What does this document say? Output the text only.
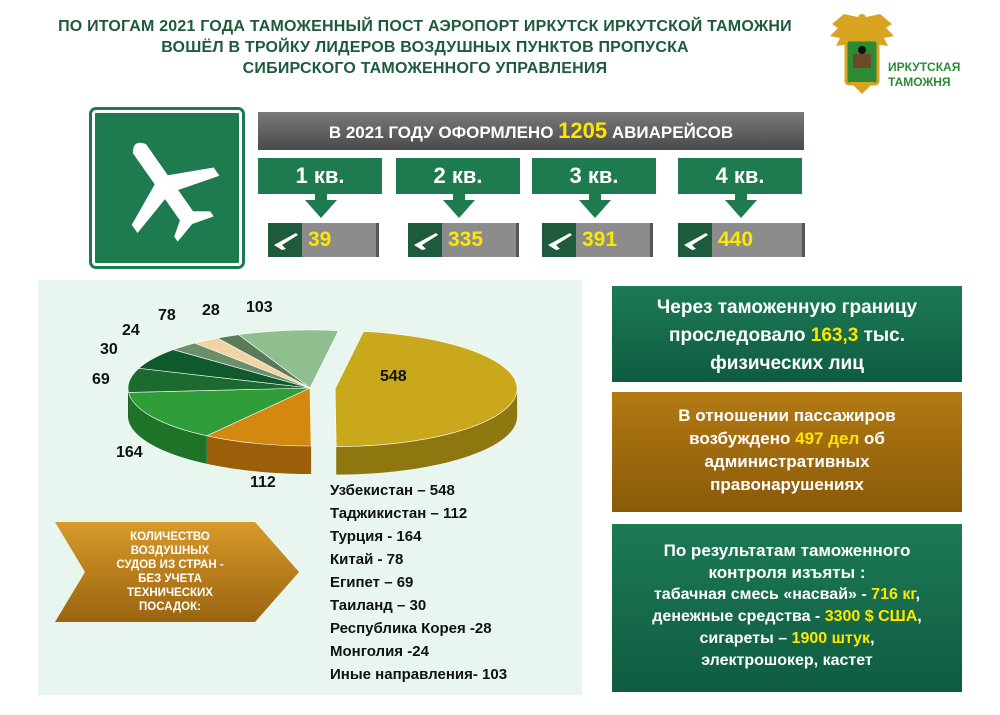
ПО ИТОГАМ 2021 ГОДА ТАМОЖЕННЫЙ ПОСТ АЭРОПОРТ ИРКУТСК ИРКУТСКОЙ ТАМОЖНИ
ВОШЁЛ В ТРОЙКУ ЛИДЕРОВ ВОЗДУШНЫХ ПУНКТОВ ПРОПУСКА
СИБИРСКОГО ТАМОЖЕННОГО УПРАВЛЕНИЯ	ИРКУТСКАЯ
ТАМОЖНЯ
В 2021 ГОДУ ОФОРМЛЕНО 1205 АВИАРЕЙСОВ
1 кв.
39
2 кв.
335
3 кв.
391
4 кв.
440
548
112
164
78
69
30
28
24
103
Узбекистан – 548
Таджикистан – 112
Турция - 164
Китай - 78
Египет – 69
Таиланд – 30
Республика Корея -28
Монголия -24
Иные направления- 103
КОЛИЧЕСТВО
ВОЗДУШНЫХ
СУДОВ ИЗ СТРАН -
БЕЗ УЧЕТА
ТЕХНИЧЕСКИХ
ПОСАДОК:
Через таможенную границу
проследовало 163,3 тыс.
физических лиц
В отношении пассажиров
возбуждено 497 дел об
административных
правонарушениях
По результатам таможенного
контроля изъяты :
табачная смесь «насвай» - 716 кг,
денежные средства - 3300 $ США,
сигареты – 1900 штук,
электрошокер, кастет
